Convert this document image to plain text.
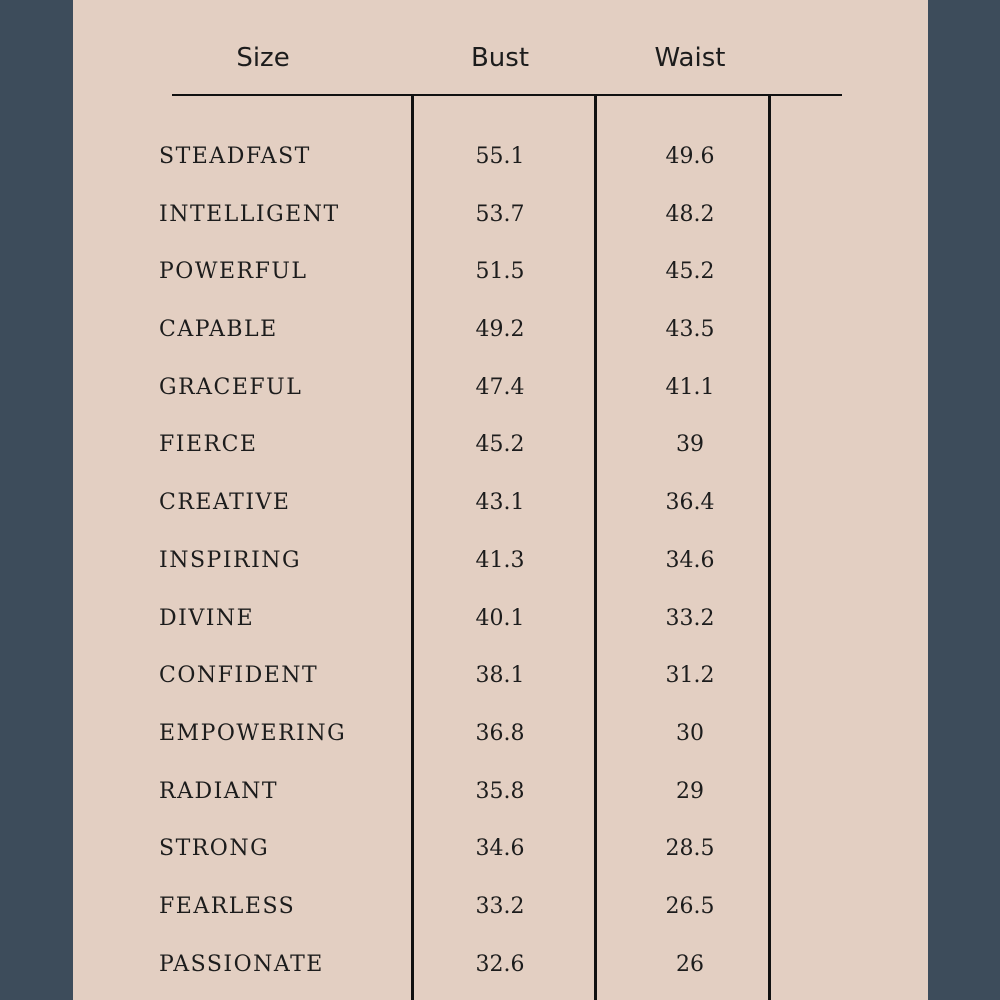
Size	Bust	Waist
STEADFAST	55.1	49.6
INTELLIGENT	53.7	48.2
POWERFUL	51.5	45.2
CAPABLE	49.2	43.5
GRACEFUL	47.4	41.1
FIERCE	45.2	39
CREATIVE	43.1	36.4
INSPIRING	41.3	34.6
DIVINE	40.1	33.2
CONFIDENT	38.1	31.2
EMPOWERING	36.8	30
RADIANT	35.8	29
STRONG	34.6	28.5
FEARLESS	33.2	26.5
PASSIONATE	32.6	26
